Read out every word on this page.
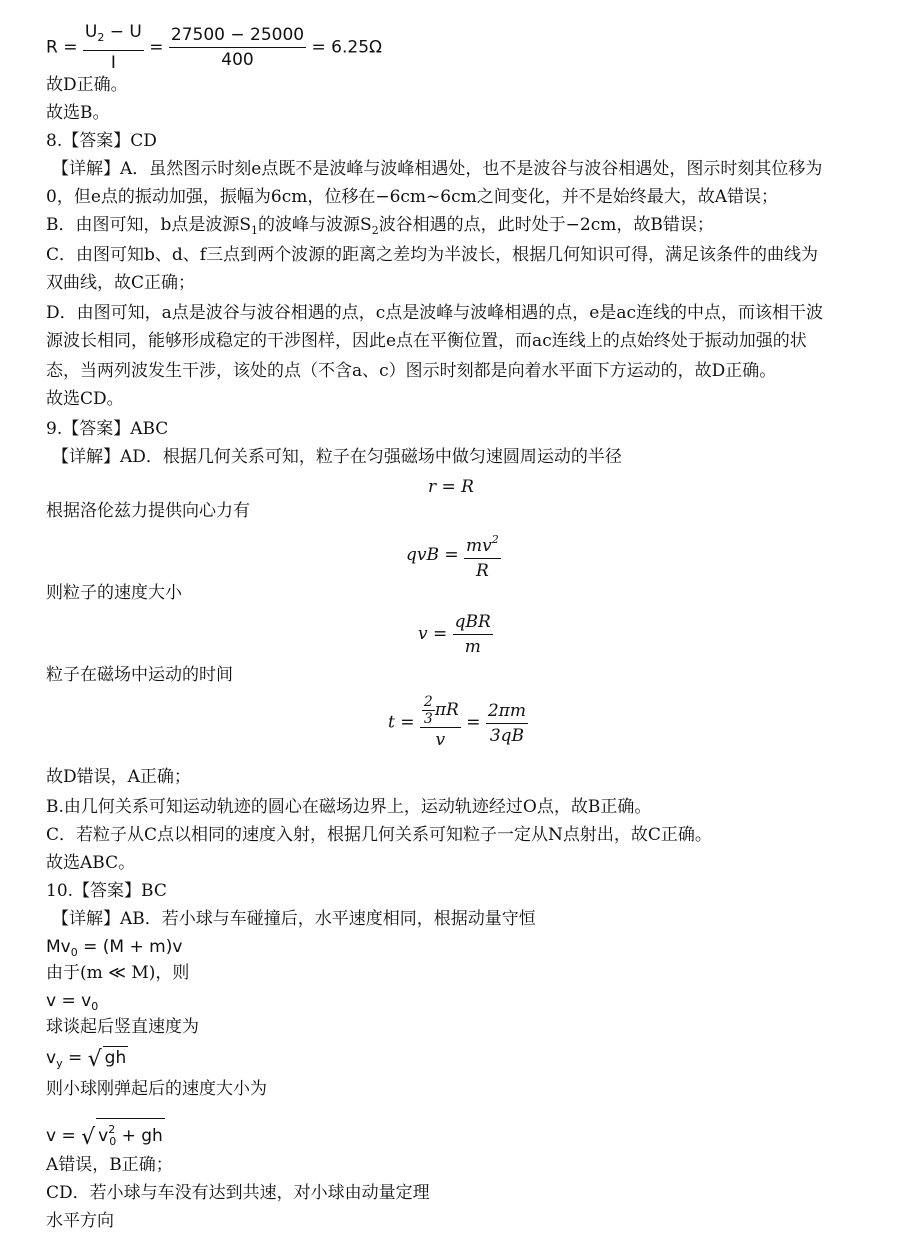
$R = \frac{U_2 - U}{I} = \frac{27500 - 25000}{400} = 6.25\Omega$
故D正确。
故选B。
8.【答案】CD
【详解】A．虽然图示时刻e点既不是波峰与波峰相遇处，也不是波谷与波谷相遇处，图示时刻其位移为
0，但e点的振动加强，振幅为6cm，位移在−6cm~6cm之间变化，并不是始终最大，故A错误；
B．由图可知，b点是波源$S_1$的波峰与波源$S_2$波谷相遇的点，此时处于−2cm，故B错误；
C．由图可知b、d、f三点到两个波源的距离之差均为半波长，根据几何知识可得，满足该条件的曲线为
双曲线，故C正确；
D．由图可知，a点是波谷与波谷相遇的点，c点是波峰与波峰相遇的点，e是ac连线的中点，而该相干波
源波长相同，能够形成稳定的干涉图样，因此e点在平衡位置，而ac连线上的点始终处于振动加强的状
态，当两列波发生干涉，该处的点（不含a、c）图示时刻都是向着水平面下方运动的，故D正确。
故选CD。
9.【答案】ABC
【详解】AD．根据几何关系可知，粒子在匀强磁场中做匀速圆周运动的半径
r = R
根据洛伦兹力提供向心力有
qvB = $\frac{mv^2}{R}$
则粒子的速度大小
$v = \frac{\text{qBR}}{m}$
粒子在磁场中运动的时间
$t = \frac{\frac{2}{3} \pi R}{v} = \frac{2\pi m}{3qB}$
故D错误，A正确；
B.由几何关系可知运动轨迹的圆心在磁场边界上，运动轨迹经过O点，故B正确。
C．若粒子从C点以相同的速度入射，根据几何关系可知粒子一定从N点射出，故C正确。
故选ABC。
10.【答案】BC
【详解】AB．若小球与车碰撞后，水平速度相同，根据动量守恒
$Mv_0 = (M + m)v$
由于(m ≪ M)，则
$v = v_0$
球谈起后竖直速度为
$v_y$ = √ gh
则小球刚弹起后的速度大小为
v = √ $v^2_0$ + gh
A错误，B正确；
CD．若小球与车没有达到共速，对小球由动量定理
水平方向
